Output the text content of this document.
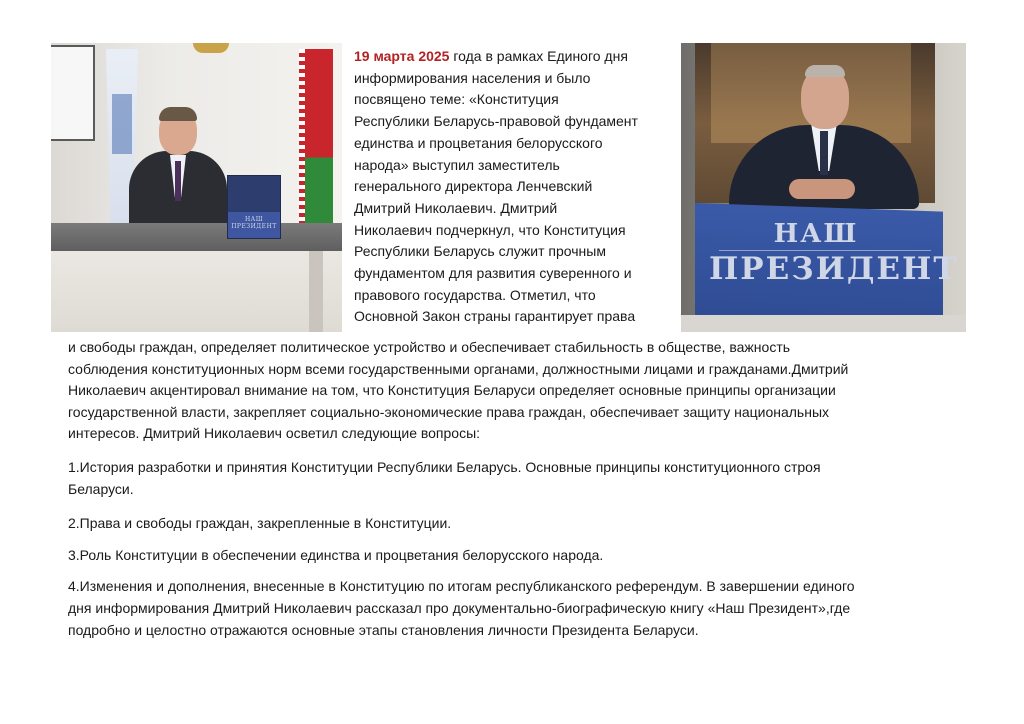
НАШ ПРЕЗИДЕНТ
19 марта 2025 года в рамках Единого дня
информирования населения и было
посвящено теме: «Конституция
Республики Беларусь-правовой фундамент
единства и процветания белорусского
народа» выступил заместитель
генерального директора Ленчевский
Дмитрий Николаевич. Дмитрий
Николаевич подчеркнул, что Конституция
Республики Беларусь служит прочным
фундаментом для развития суверенного и
правового государства. Отметил, что
Основной Закон страны гарантирует права
НАШ
ПРЕЗИДЕНТ
и свободы граждан, определяет политическое устройство и обеспечивает стабильность в обществе, важность
соблюдения конституционных норм всеми государственными органами, должностными лицами и гражданами.Дмитрий
Николаевич акцентировал внимание на том, что Конституция Беларуси определяет основные принципы организации
государственной власти, закрепляет социально-экономические права граждан, обеспечивает защиту национальных
интересов. Дмитрий Николаевич осветил следующие вопросы:
1.История разработки и принятия Конституции Республики Беларусь. Основные принципы конституционного строя
Беларуси.
2.Права и свободы граждан, закрепленные в Конституции.
3.Роль Конституции в обеспечении единства и процветания белорусского народа.
4.Изменения и дополнения, внесенные в Конституцию по итогам республиканского референдум. В завершении единого
дня информирования Дмитрий Николаевич рассказал про документально-биографическую книгу «Наш Президент»,где
подробно и целостно отражаются основные этапы становления личности Президента Беларуси.
